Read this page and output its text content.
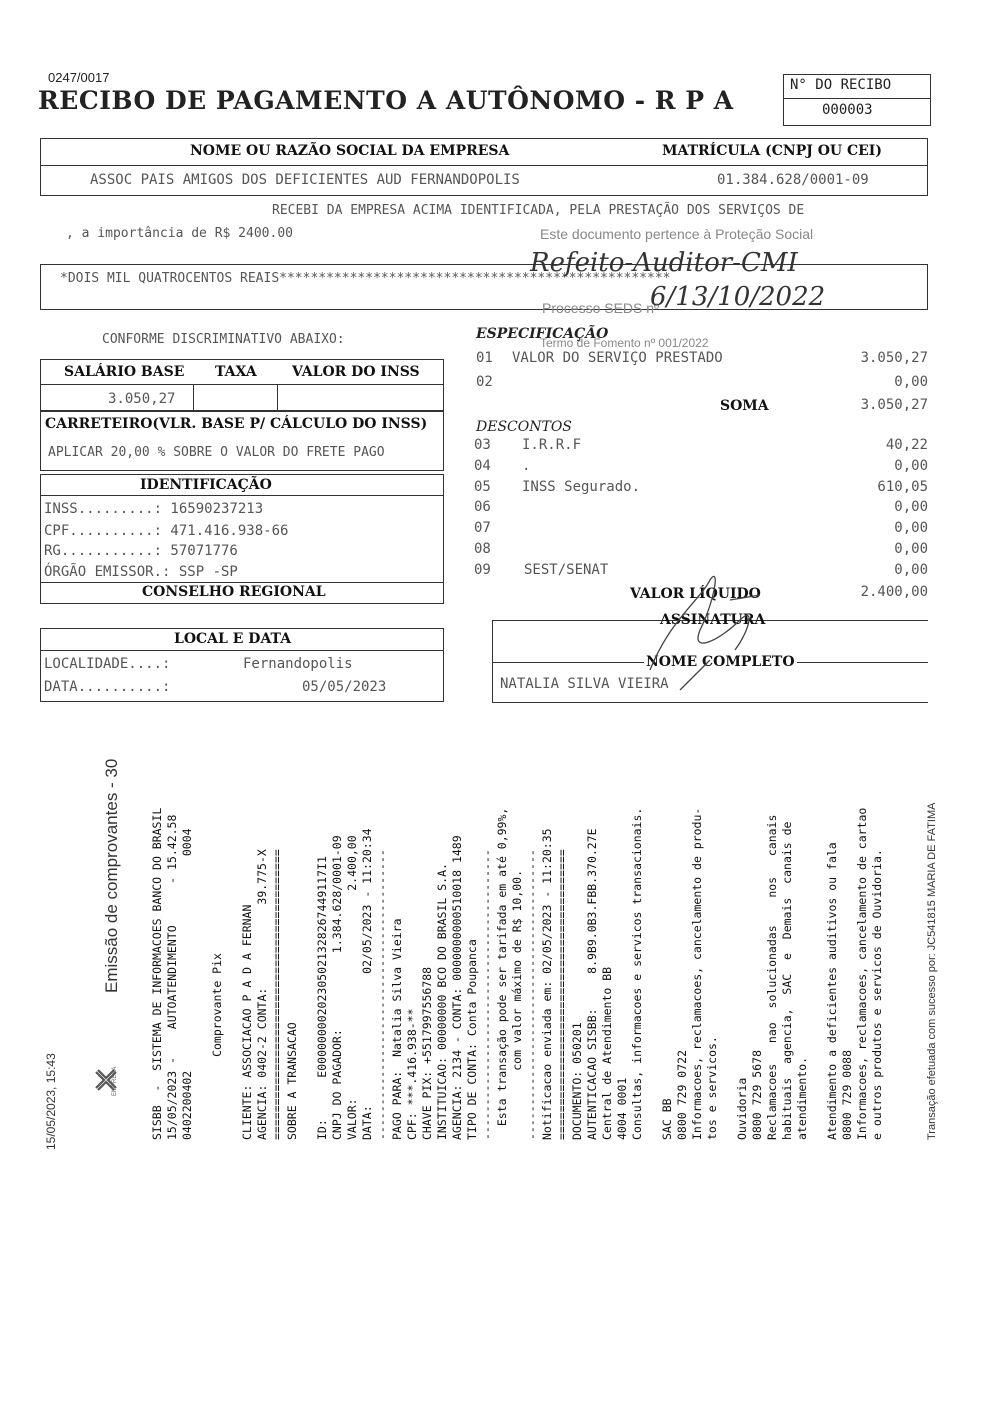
0247/0017
RECIBO DE PAGAMENTO A AUTÔNOMO - R P A
N° DO RECIBO
000003
NOME OU RAZÃO SOCIAL DA EMPRESA	MATRÍCULA (CNPJ OU CEI)
ASSOC PAIS AMIGOS DOS DEFICIENTES AUD FERNANDOPOLIS	01.384.628/0001-09
RECEBI DA EMPRESA ACIMA IDENTIFICADA, PELA PRESTAÇÃO DOS SERVIÇOS DE
, a importância de R$ 2400.00	Este documento pertence à Proteção Social
*DOIS MIL QUATROCENTOS REAIS**************************************************
Refeito-Auditor-CMI
Processo SEDS nº
6/13/10/2022
CONFORME DISCRIMINATIVO ABAIXO:
SALÁRIO BASE TAXA	VALOR DO INSS
3.050,27
CARRETEIRO(VLR. BASE P/ CÁLCULO DO INSS)
APLICAR 20,00 % SOBRE O VALOR DO FRETE PAGO
IDENTIFICAÇÃO
INSS.........: 16590237213
CPF..........: 471.416.938-66
RG...........: 57071776
ÓRGÃO EMISSOR.: SSP -SP
CONSELHO REGIONAL
LOCAL E DATA
LOCALIDADE....:	Fernandopolis
DATA..........:	05/05/2023
ESPECIFICAÇÃO
Termo de Fomento nº 001/2022
01 VALOR DO SERVIÇO PRESTADO	3.050,27
02	0,00
SOMA	3.050,27
DESCONTOS
03 I.R.R.F	40,22
04 .	0,00
05 INSS Segurado.	610,05
06	0,00
07	0,00
08	0,00
09 SEST/SENAT	0,00
VALOR LÍQUIDO	2.400,00
ASSINATURA
NOME COMPLETO
NATALIA SILVA VIEIRA
15/05/2023, 15:43	EMPRESA
Emissão de comprovantes - 30	SISBB  -  SISTEMA DE INFORMACOES BANCO DO BRASIL 15/05/2023 -    AUTOATENDIMENTO      - 15.42.58 0402200402                               0004 Comprovante Pix CLIENTE: ASSOCIACAO P A D A FERNAN AGENCIA: 0402-2 CONTA:            39.775-X ========================================== SOBRE A TRANSACAO ID:      E00000000202305021328267449117I1 CNPJ DO PAGADOR:           1.384.628/0001-09 VALOR:                              2.400,00 DATA:                   02/05/2023 - 11:20:34 ------------------------------------------ PAGO PARA:  Natalia Silva Vieira CPF: ***.416.938-** CHAVE PIX: +5517997556788 INSTITUICAO: 00000000 BCO DO BRASIL S.A. AGENCIA: 2134 - CONTA: 0000000000510018 1489 TIPO DE CONTA: Conta Poupanca ------------------------------------------ Esta transação pode ser tarifada em até 0,99%, com valor máximo de R$ 10,00. ------------------------------------------ Notificacao enviada em: 02/05/2023 - 11:20:35 ========================================== DOCUMENTO: 050201 AUTENTICACAO SISBB:     8.9B9.0B3.FBB.370.27E Central de Atendimento BB 4004 0001 Consultas, informacoes e servicos transacionais. SAC BB 0800 729 0722 Informacoes, reclamacoes, cancelamento de produ- tos e servicos. Ouvidoria 0800 729 5678 Reclamacoes   nao  solucionadas    nos   canais habituais  agencia,  SAC  e  Demais  canais de atendimento. Atendimento a deficientes auditivos ou fala 0800 729 0088 Informacoes, reclamacoes, cancelamento de cartao e outros produtos e servicos de Ouvidoria.	Transação efetuada com sucesso por: JC541815 MARIA DE FATIMA
